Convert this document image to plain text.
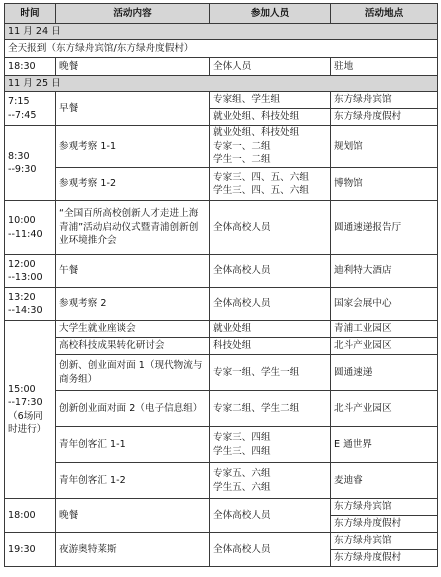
时间	活动内容	参加人员	活动地点
11 月 24 日			
全天报到（东方绿舟宾馆/东方绿舟度假村）			
18:30	晚餐	全体人员	驻地
11 月 25 日			

7:15
--7:45	早餐	专家组、学生组	东方绿舟宾馆
		就业处组、科技处组	东方绿舟度假村

8:30
--9:30	参观考察 1-1	就业处组、科技处组
专家一、二组
学生一、二组	规划馆
	参观考察 1-2	专家三、四、五、六组
学生三、四、五、六组	博物馆

10:00
--11:40	“全国百所高校创新人才走进上海青浦”活动启动仪式暨青浦创新创业环境推介会	全体高校人员	圆通速递报告厅

12:00
--13:00	午餐	全体高校人员	迪利特大酒店

13:20
--14:30	参观考察 2	全体高校人员	国家会展中心

15:00
--17:30
（6场同
时进行）	大学生就业座谈会	就业处组	青浦工业园区
	高校科技成果转化研讨会	科技处组	北斗产业园区
	创新、创业面对面 1（现代物流与商务组）	专家一组、学生一组	圆通速递
	创新创业面对面 2（电子信息组）	专家二组、学生二组	北斗产业园区
	青年创客汇 1-1	专家三、四组
学生三、四组	E 通世界
	青年创客汇 1-2	专家五、六组
学生五、六组	麦迪睿
18:00	晚餐	全体高校人员	东方绿舟宾馆
			东方绿舟度假村
19:30	夜游奥特莱斯	全体高校人员	东方绿舟宾馆
			东方绿舟度假村
